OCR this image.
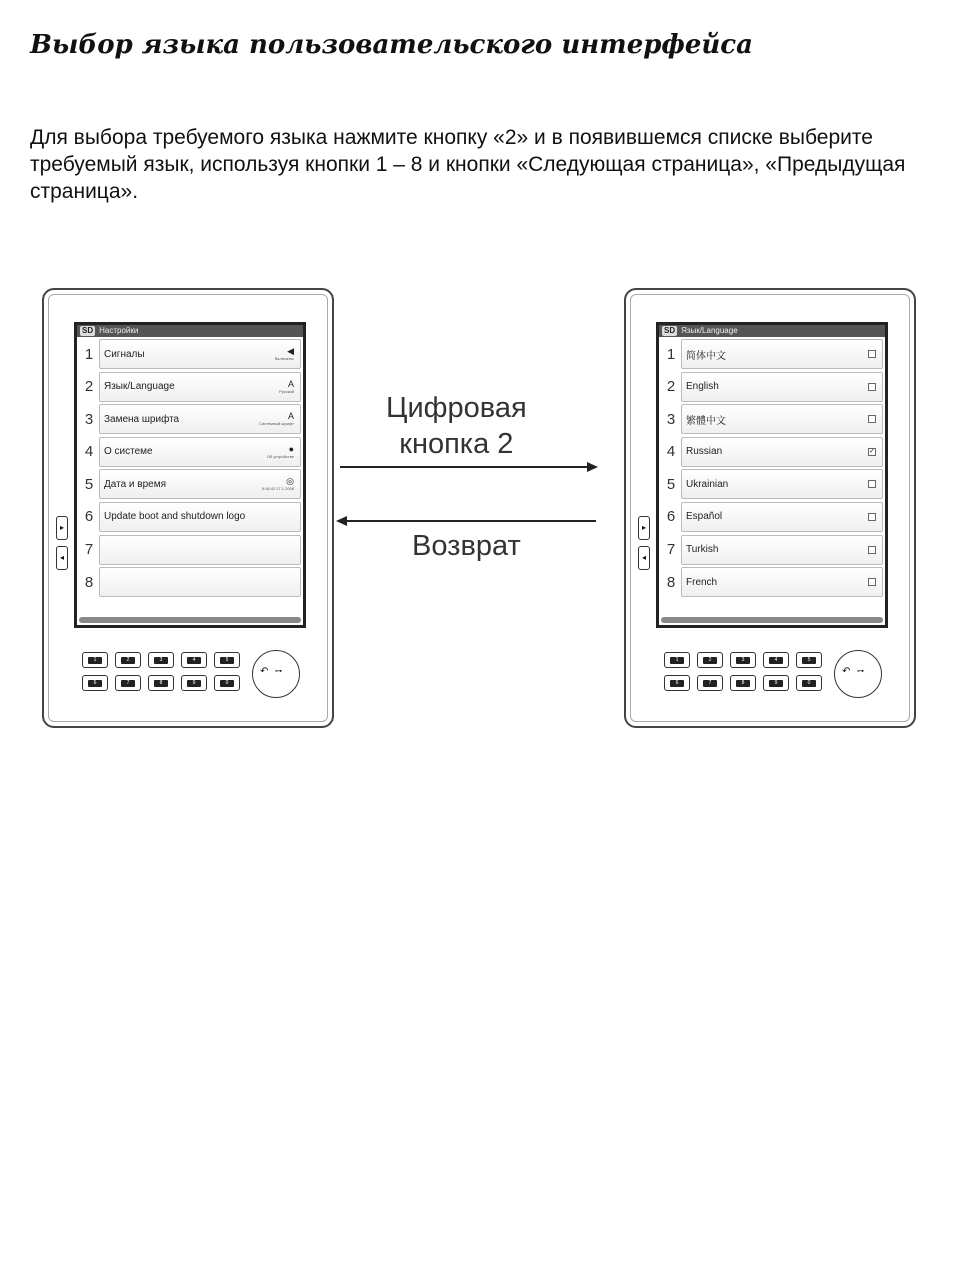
Выбор языка пользовательского интерфейса

Для выбора требуемого языка нажмите кнопку «2» и в появившемся списке выберите требуемый язык, используя кнопки 1 – 8 и кнопки «Следующая страница», «Предыдущая страница».

▸
◂
SD Настройки
1	Сигналы	◀
Включены
2	Язык/Language	A
Русский
3	Замена шрифта	A
Системный шрифт
4	О системе	●
Об устройстве
5	Дата и время	◎
9:16:42 27.1.2008
6	Update boot and shutdown logo
7
8
1	2	3	4	5
6	7	8	9	0
↶ ⊶
Цифровая
кнопка 2
Возврат
▸
◂
SD Язык/Language
1	简体中文
2	English
3	繁體中文
4	Russian	✓
5	Ukrainian
6	Español
7	Turkish
8	French
1	2	3	4	5
6	7	8	9	0
↶ ⊶
